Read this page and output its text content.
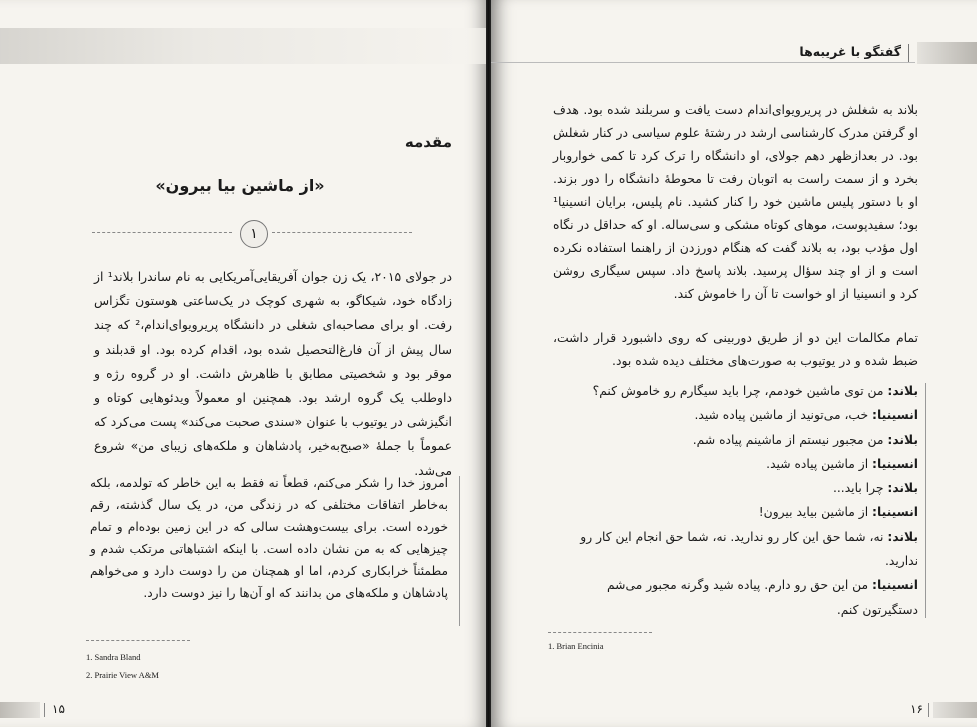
مقدمه
«از ماشین بیا بیرون»
۱
در جولای ۲۰۱۵، یک زن جوان آفریقایی‌آمریکایی به نام ساندرا بلاند¹ از زادگاه خود، شیکاگو، به شهری کوچک در یک‌ساعتی هوستون تگزاس رفت. او برای مصاحبه‌ای شغلی در دانشگاه پریرویوای‌اندام،² که چند سال پیش از آن فارغ‌التحصیل شده بود، اقدام کرده بود. او قدبلند و موقر بود و شخصیتی مطابق با ظاهرش داشت. او در گروه رژه و داوطلب یک گروه ارشد بود. همچنین او معمولاً ویدئوهایی کوتاه و انگیزشی در یوتیوب با عنوان «سندی صحبت می‌کند» پست می‌کرد که عموماً با جملهٔ «صبح‌به‌خیر، پادشاهان و ملکه‌های زیبای من» شروع می‌شد.
امروز خدا را شکر می‌کنم، قطعاً نه فقط به این خاطر که تولدمه، بلکه به‌خاطر اتفاقات مختلفی که در زندگی من، در یک سال گذشته، رقم خورده است. برای بیست‌وهشت سالی که در این زمین بوده‌ام و تمام چیزهایی که به من نشان داده است. با اینکه اشتباهاتی مرتکب شدم و مطمئناً خرابکاری کردم، اما او همچنان من را دوست دارد و می‌خواهم پادشاهان و ملکه‌های من بدانند که او آن‌ها را نیز دوست دارد.
1. Sandra Bland
2. Prairie View A&M
۱۵
گفتگو با غریبه‌ها
بلاند به شغلش در پریرویوای‌اندام دست یافت و سربلند شده بود. هدف او گرفتن مدرک کارشناسی ارشد در رشتهٔ علوم سیاسی در کنار شغلش بود. در بعدازظهر دهم جولای، او دانشگاه را ترک کرد تا کمی خواروبار بخرد و از سمت راست به اتوبان رفت تا محوطهٔ دانشگاه را دور بزند. او با دستور پلیس ماشین خود را کنار کشید. نام پلیس، برایان انسینیا¹ بود؛ سفیدپوست، موهای کوتاه مشکی و سی‌ساله. او که حداقل در نگاه اول مؤدب بود، به بلاند گفت که هنگام دورزدن از راهنما استفاده نکرده است و از او چند سؤال پرسید. بلاند پاسخ داد. سپس سیگاری روشن کرد و انسینیا از او خواست تا آن را خاموش کند.
تمام مکالمات این دو از طریق دوربینی که روی داشبورد قرار داشت، ضبط شده و در یوتیوب به صورت‌های مختلف دیده شده بود.
بلاند: من توی ماشین خودمم، چرا باید سیگارم رو خاموش کنم؟
انسینیا: خب، می‌تونید از ماشین پیاده شید.
بلاند: من مجبور نیستم از ماشینم پیاده شم.
انسینیا: از ماشین پیاده شید.
بلاند: چرا باید...
انسینیا: از ماشین بیاید بیرون!
بلاند: نه، شما حق این کار رو ندارید. نه، شما حق انجام این کار رو ندارید.
انسینیا: من این حق رو دارم. پیاده شید وگرنه مجبور می‌شم دستگیرتون کنم.
۱۶
1. Brian Encinia
